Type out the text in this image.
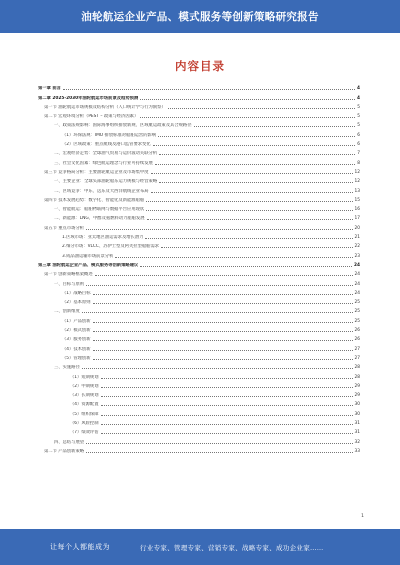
油轮航运企业产品、模式服务等创新策略研究报告
内容目录
第一章 前言	4
第二章 2025-2030年油轮航运市场前景及趋势预测	4
第一节 油轮航运市场规模及结构分析（人口统计学与行为洞察）	5
第二节 宏观环境分析（PEST – 政策与经济因素）	5
一、政策法规影响：国际海事组织排放新规、区域航运政策及其合规路径	5
（1）环保法规：IMO 排放标准对船舶运营的影响	6
（2）区域政策：重点航线及港口监管要求变化	6
二、宏观经济走势：全球油气贸易与运价波动关联分析	7
三、社会文化因素：绿色航运理念与行业可持续发展	8
第三节 竞争格局分析：主要油轮航运企业及市场集中度	12
一、主要企业：全球头部油轮船东运力规模与经营策略	12
二、区域竞争：中东、远东及大西洋航线企业布局	13
第四节 技术发展趋势：数字化、智能化及新能源船舶	15
一、智能航运：船舶物联网与数据平台应用现状	16
二、新能源：LNG、甲醇及氨燃料动力船舶发展	17
第五节 重点市场分析	20
1.区域市场：亚太地区油运需求及增长潜力	21
2.细分市场：VLCC、苏伊士型及阿芙拉型船舶需求	22
3.成品油运输市场前景分析	23
第三章 油轮航运企业产品、模式服务等创新策略建议	24
第一节 创新策略框架概述	24
一、目标与原则	24
（1）战略目标	24
（2）基本原则	25
二、创新维度	25
（1）产品创新	25
（2）模式创新	26
（3）服务创新	26
（4）技术创新	27
（5）管理创新	27
三、实施路径	28
（1）短期规划	28
（2）中期规划	29
（3）长期规划	29
（4）资源配置	30
（5）组织保障	30
（6）风险控制	31
（7）绩效评估	31
四、总结与展望	32
第二节 产品创新策略	33
1
让每个人都能成为	行业专家、管理专家、营销专家、战略专家、成功企业家……
